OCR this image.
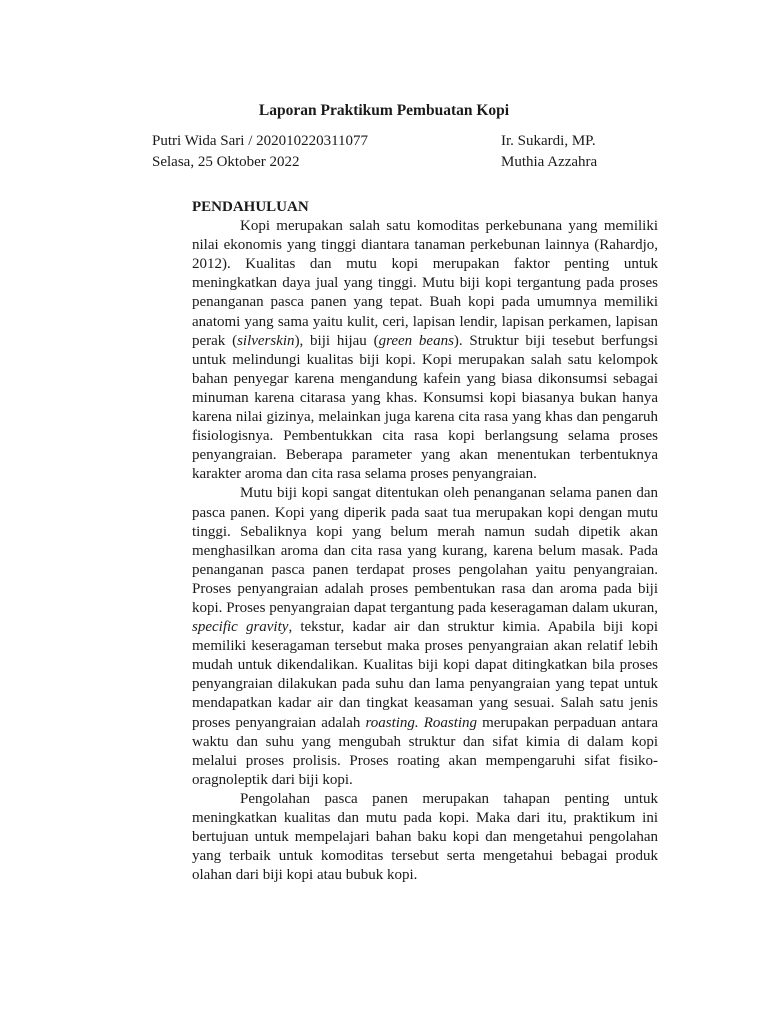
Laporan Praktikum Pembuatan Kopi
Putri Wida Sari / 202010220311077
Selasa, 25 Oktober 2022
Ir. Sukardi, MP.
Muthia Azzahra

PENDAHULUAN

Kopi merupakan salah satu komoditas perkebunana yang memiliki nilai ekonomis yang tinggi diantara tanaman perkebunan lainnya (Rahardjo, 2012). Kualitas dan mutu kopi merupakan faktor penting untuk meningkatkan daya jual yang tinggi. Mutu biji kopi tergantung pada proses penanganan pasca panen yang tepat. Buah kopi pada umumnya memiliki anatomi yang sama yaitu kulit, ceri, lapisan lendir, lapisan perkamen, lapisan perak (silverskin), biji hijau (green beans). Struktur biji tesebut berfungsi untuk melindungi kualitas biji kopi. Kopi merupakan salah satu kelompok bahan penyegar karena mengandung kafein yang biasa dikonsumsi sebagai minuman karena citarasa yang khas. Konsumsi kopi biasanya bukan hanya karena nilai gizinya, melainkan juga karena cita rasa yang khas dan pengaruh fisiologisnya. Pembentukkan cita rasa kopi berlangsung selama proses penyangraian. Beberapa parameter yang akan menentukan terbentuknya karakter aroma dan cita rasa selama proses penyangraian.

Mutu biji kopi sangat ditentukan oleh penanganan selama panen dan pasca panen. Kopi yang diperik pada saat tua merupakan kopi dengan mutu tinggi. Sebaliknya kopi yang belum merah namun sudah dipetik akan menghasilkan aroma dan cita rasa yang kurang, karena belum masak. Pada penanganan pasca panen terdapat proses pengolahan yaitu penyangraian. Proses penyangraian adalah proses pembentukan rasa dan aroma pada biji kopi. Proses penyangraian dapat tergantung pada keseragaman dalam ukuran, specific gravity, tekstur, kadar air dan struktur kimia. Apabila biji kopi memiliki keseragaman tersebut maka proses penyangraian akan relatif lebih mudah untuk dikendalikan. Kualitas biji kopi dapat ditingkatkan bila proses penyangraian dilakukan pada suhu dan lama penyangraian yang tepat untuk mendapatkan kadar air dan tingkat keasaman yang sesuai. Salah satu jenis proses penyangraian adalah roasting. Roasting merupakan perpaduan antara waktu dan suhu yang mengubah struktur dan sifat kimia di dalam kopi melalui proses prolisis. Proses roating akan mempengaruhi sifat fisiko-oragnoleptik dari biji kopi.

Pengolahan pasca panen merupakan tahapan penting untuk meningkatkan kualitas dan mutu pada kopi. Maka dari itu, praktikum ini bertujuan untuk mempelajari bahan baku kopi dan mengetahui pengolahan yang terbaik untuk komoditas tersebut serta mengetahui bebagai produk olahan dari biji kopi atau bubuk kopi.
